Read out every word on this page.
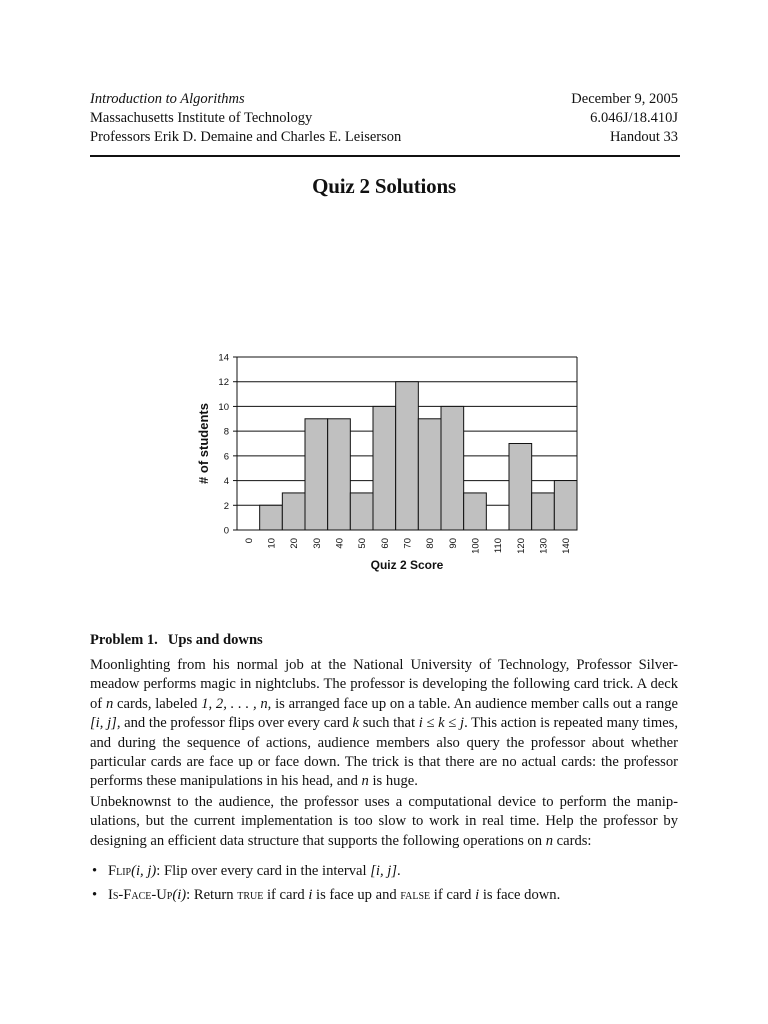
Introduction to Algorithms	December 9, 2005
Massachusetts Institute of Technology	6.046J/18.410J
Professors Erik D. Demaine and Charles E. Leiserson	Handout 33
Quiz 2 Solutions
0
2
4
6
8
10
12
14
0 10 20 30 40 50 60 70 80 90 100 110 120 130 140
# of students
Quiz 2 Score
Problem 1. Ups and downs
Moonlighting from his normal job at the National University of Technology, Professor Silver-meadow performs magic in nightclubs. The professor is developing the following card trick. A deck of n cards, labeled 1, 2, . . . , n, is arranged face up on a table. An audience member calls out a range [i, j], and the professor flips over every card k such that i ≤ k ≤ j. This action is repeated many times, and during the sequence of actions, audience members also query the professor about whether particular cards are face up or face down. The trick is that there are no actual cards: the professor performs these manipulations in his head, and n is huge.
Unbeknownst to the audience, the professor uses a computational device to perform the manip-ulations, but the current implementation is too slow to work in real time. Help the professor by designing an efficient data structure that supports the following operations on n cards:
• Flip(i, j): Flip over every card in the interval [i, j].
• Is-Face-Up(i): Return true if card i is face up and false if card i is face down.
